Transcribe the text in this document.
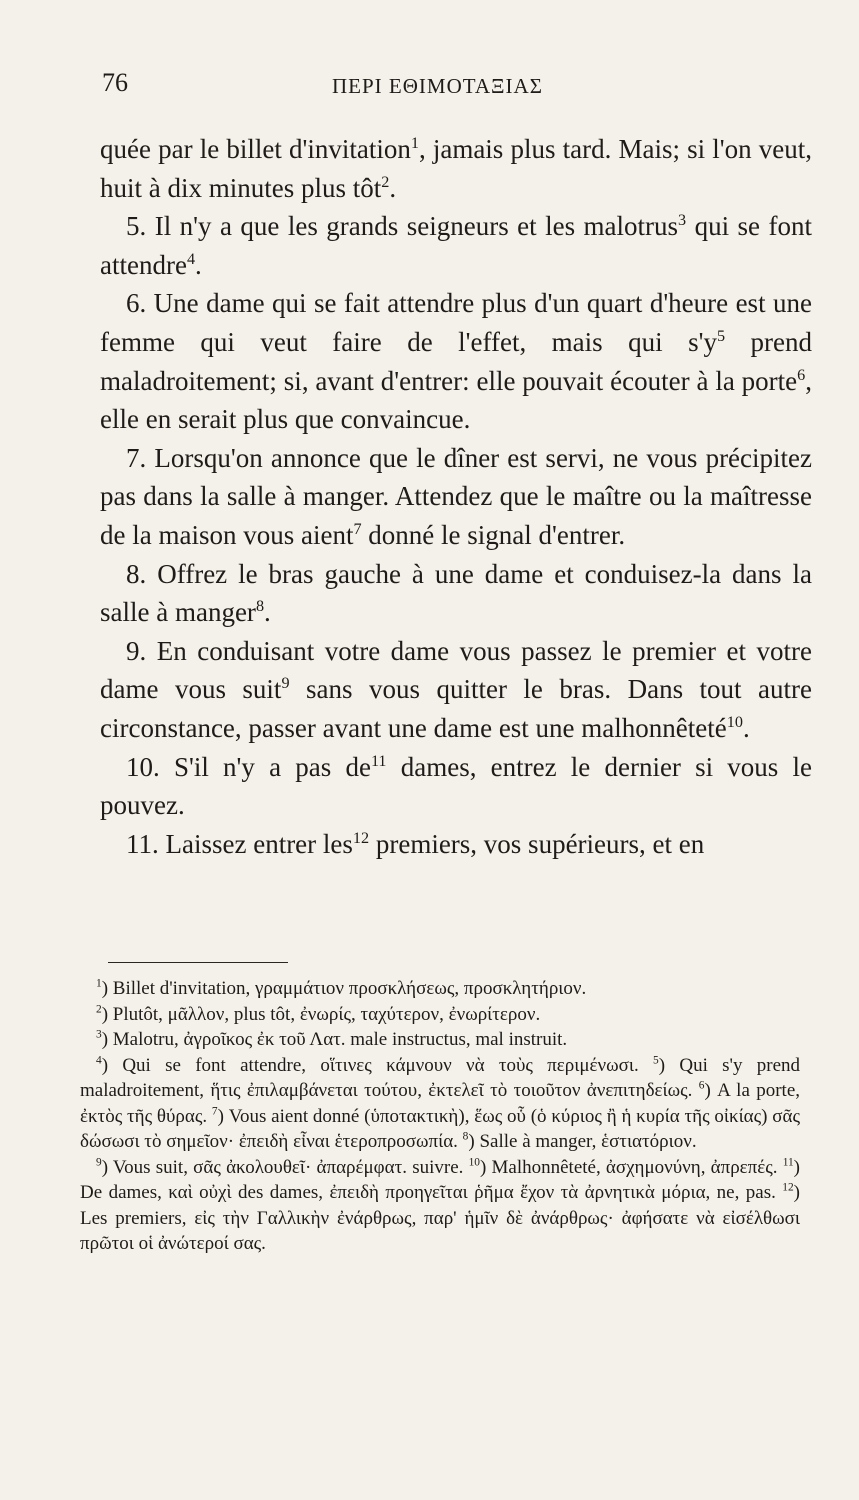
76	ΠΕΡΙ ΕΘΙΜΟΤΑΞΙΑΣ

quée par le billet d'invitation$^1$, jamais plus tard. Mais; si l'on veut, huit à dix minutes plus tôt$^2$.

5. Il n'y a que les grands seigneurs et les malotrus$^3$ qui se font attendre$^4$.

6. Une dame qui se fait attendre plus d'un quart d'heure est une femme qui veut faire de l'effet, mais qui $s'y^5$ prend maladroitement; si, avant d'entrer: elle pouvait écouter à la porte$^6$, elle en serait plus que convaincue.

7. Lorsqu'on annonce que le dîner est servi, ne vous précipitez pas dans la salle à manger. Attendez que le maître ou la maîtresse de la maison vous aient$^7$ donné le signal d'entrer.

8. Offrez le bras gauche à une dame et conduisez-la dans la salle à manger$^8$.

9. En conduisant votre dame vous passez le premier et votre dame vous suit$^9$ sans vous quitter le bras. Dans tout autre circonstance, passer avant une dame est une malhonnêteté$^{10}$.

10. S'il n'y a pas $de^{11}$ dames, entrez le dernier si vous le pouvez.

11. Laissez entrer les$^{12}$ premiers, vos supérieurs, et en

$^1$) Billet d'invitation, γραμμάτιον προσκλήσεως, προσκλητήριον.

$^2$) Plutôt, μᾶλλον, plus tôt, ἐνωρίς, ταχύτερον, ἐνωρίτερον.

$^3$) Malotru, ἀγροῖκος ἐκ τοῦ Λατ. male instructus, mal instruit.

$^4$) Qui se font attendre, οἵτινες κάμνουν νὰ τοὺς περιμένωσι. $^5$) Qui s'y prend maladroitement, ἥτις ἐπιλαμβάνεται τούτου, ἐκτελεῖ τὸ τοιοῦτον ἀνεπιτηδείως. $^6$) A la porte, ἐκτὸς τῆς θύρας. $^7$) Vous aient donné (ὑποτακτικὴ), ἕως οὗ (ὁ κύριος ἢ ἡ κυρία τῆς οἰκίας) σᾶς δώσωσι τὸ σημεῖον· ἐπειδὴ εἶναι ἑτεροπροσωπία. $^8$) Salle à manger, ἑστιατόριον.

$^9$) Vous suit, σᾶς ἀκολουθεῖ· ἀπαρέμφατ. suivre. $^{10}$) Malhonnêteté, ἀσχημονύνη, ἀπρεπές. $^{11}$) De dames, καὶ οὐχὶ des dames, ἐπειδὴ προηγεῖται ῥῆμα ἔχον τὰ ἀρνητικὰ μόρια, ne, pas. $^{12}$) Les premiers, εἰς τὴν Γαλλικὴν ἐνάρθρως, παρ' ἡμῖν δὲ ἀνάρθρως· ἀφήσατε νὰ εἰσέλθωσι πρῶτοι οἱ ἀνώτεροί σας.
